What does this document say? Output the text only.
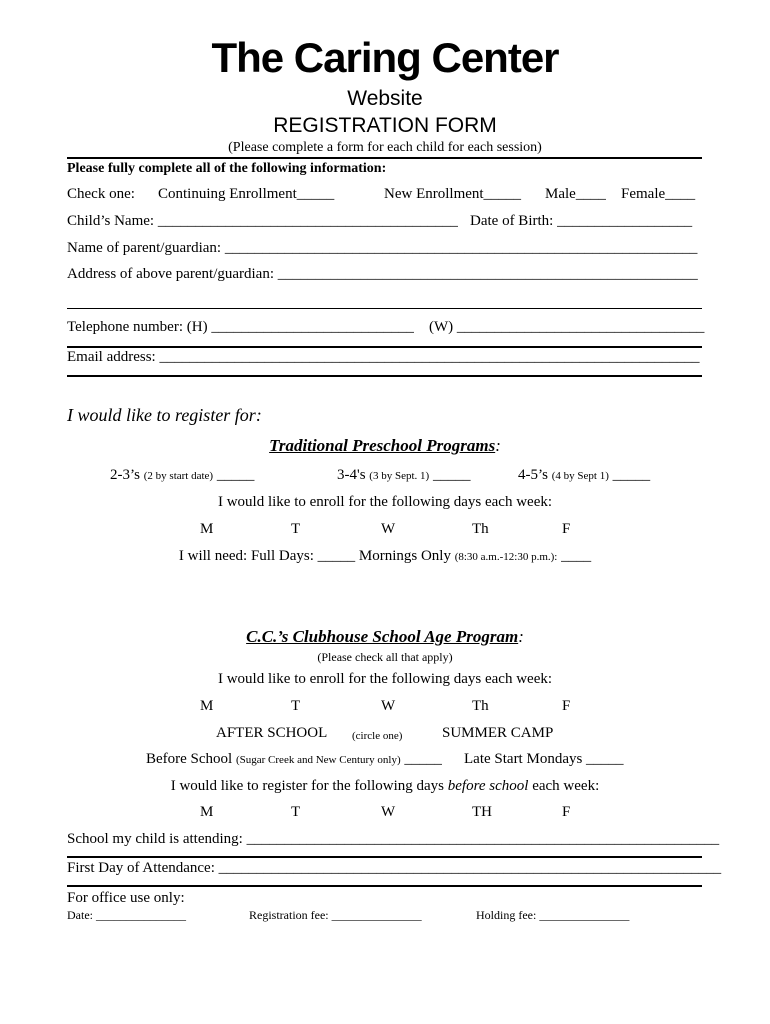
The Caring Center
Website
REGISTRATION FORM
(Please complete a form for each child for each session)
Please fully complete all of the following information:
Check one: Continuing Enrollment_____	New Enrollment_____ Male____ Female____
Child’s Name: ________________________________________ Date of Birth: __________________
Name of parent/guardian: _______________________________________________________________
Address of above parent/guardian: ________________________________________________________
Telephone number: (H) ___________________________ (W) _________________________________
Email address: ________________________________________________________________________
I would like to register for:
Traditional Preschool Programs:
2-3’s (2 by start date) _____	3-4's (3 by Sept. 1) _____	4-5’s (4 by Sept 1) _____
I would like to enroll for the following days each week:
M	T	W	Th	F
I will need: Full Days: _____ Mornings Only (8:30 a.m.-12:30 p.m.): ____
C.C.’s Clubhouse School Age Program:
(Please check all that apply)
I would like to enroll for the following days each week:
M	T	W	Th	F
AFTER SCHOOL (circle one)	SUMMER CAMP
Before School (Sugar Creek and New Century only) _____ Late Start Mondays _____
I would like to register for the following days before school each week:
M	T	W	TH	F
School my child is attending: _______________________________________________________________
First Day of Attendance: ___________________________________________________________________
For office use only:
Date: _______________	Registration fee: _______________	Holding fee: _______________
